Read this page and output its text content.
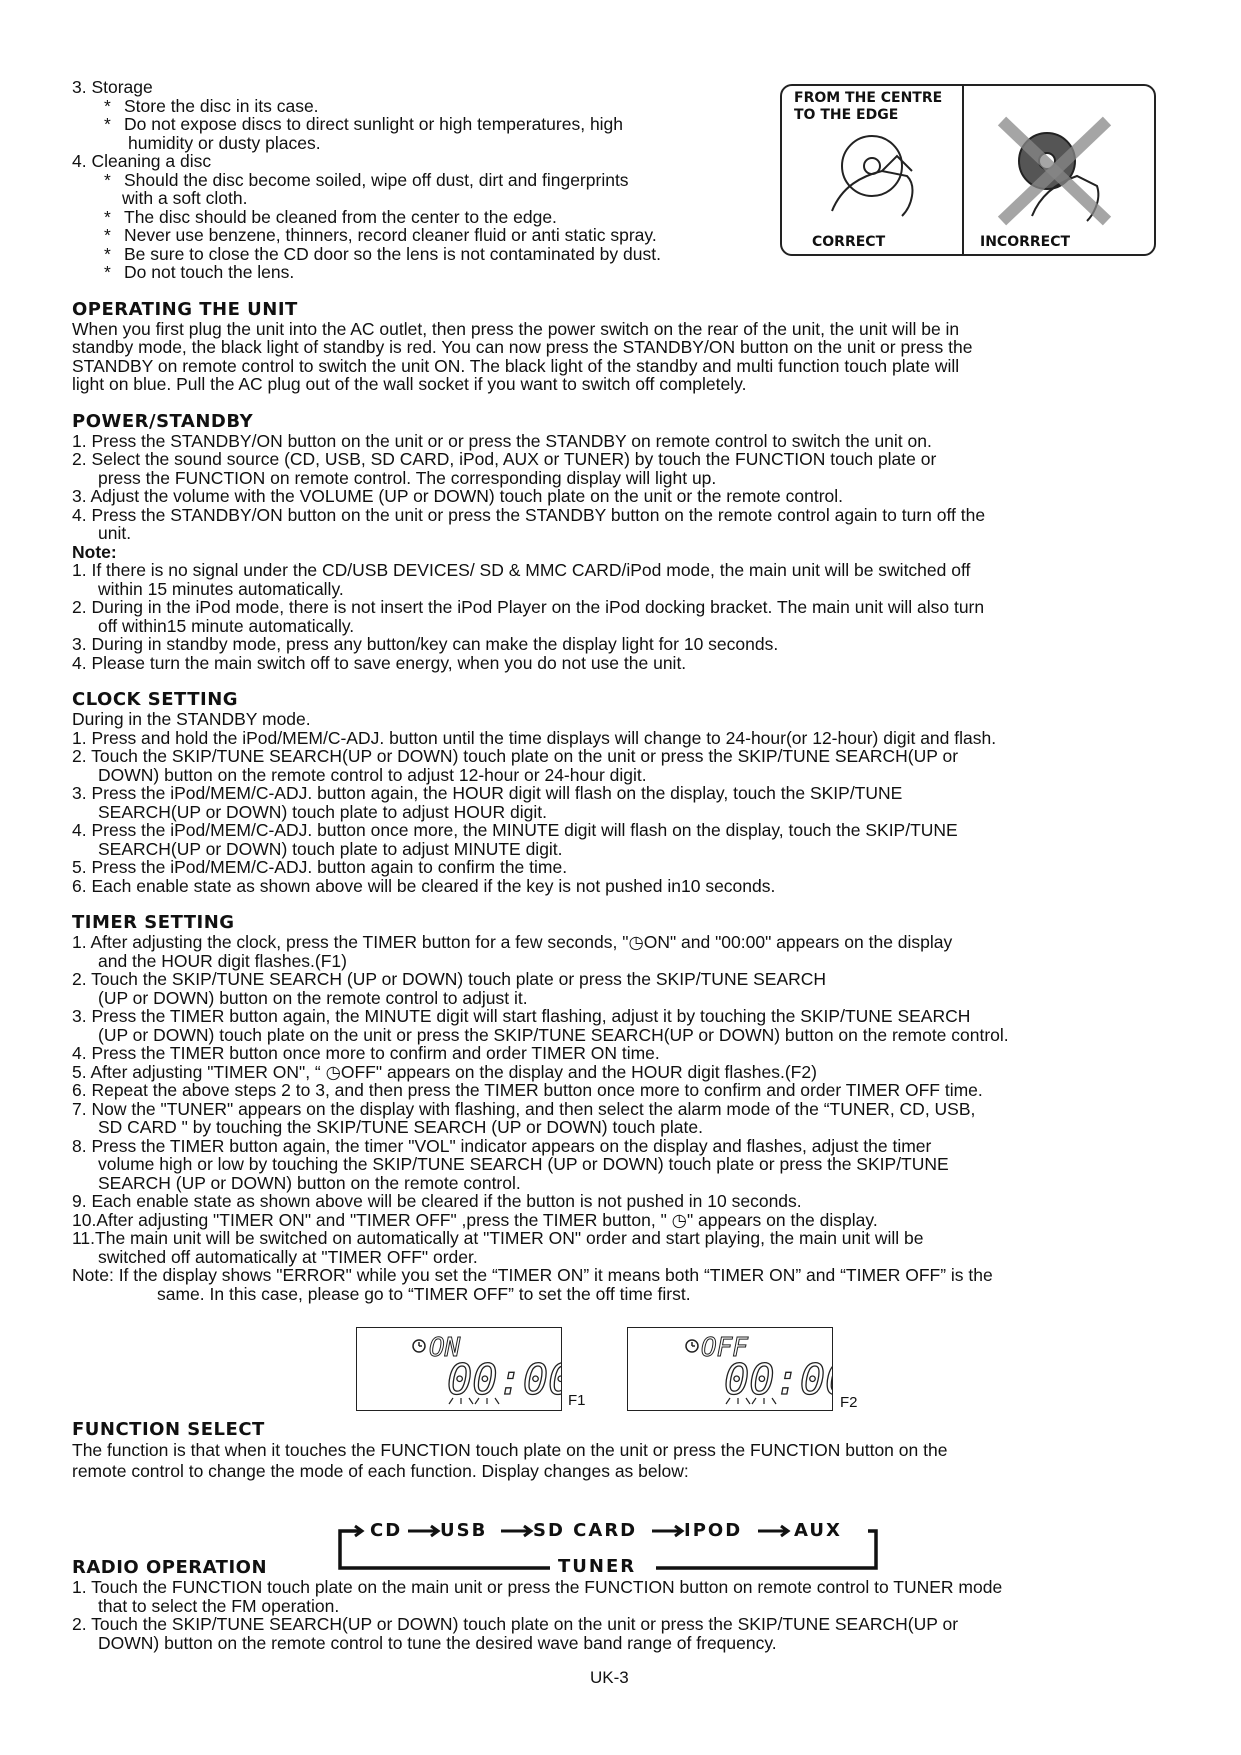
FROM THE CENTRE
TO THE EDGE
CORRECT	INCORRECT
3. Storage
* Store the disc in its case.
* Do not expose discs to direct sunlight or high temperatures, high
humidity or dusty places.
4. Cleaning a disc
* Should the disc become soiled, wipe off dust, dirt and fingerprints
with a soft cloth.
* The disc should be cleaned from the center to the edge.
* Never use benzene, thinners, record cleaner fluid or anti static spray.
* Be sure to close the CD door so the lens is not contaminated by dust.
* Do not touch the lens.
OPERATING THE UNIT
When you first plug the unit into the AC outlet, then press the power switch on the rear of the unit, the unit will be in
standby mode, the black light of standby is red. You can now press the STANDBY/ON button on the unit or press the
STANDBY on remote control to switch the unit ON. The black light of the standby and multi function touch plate will
light on blue. Pull the AC plug out of the wall socket if you want to switch off completely.
POWER/STANDBY
1. Press the STANDBY/ON button on the unit or or press the STANDBY on remote control to switch the unit on.
2. Select the sound source (CD, USB, SD CARD, iPod, AUX or TUNER) by touch the FUNCTION touch plate or
press the FUNCTION on remote control. The corresponding display will light up.
3. Adjust the volume with the VOLUME (UP or DOWN) touch plate on the unit or the remote control.
4. Press the STANDBY/ON button on the unit or press the STANDBY button on the remote control again to turn off the
unit.
Note:
1. If there is no signal under the CD/USB DEVICES/ SD & MMC CARD/iPod mode, the main unit will be switched off
within 15 minutes automatically.
2. During in the iPod mode, there is not insert the iPod Player on the iPod docking bracket. The main unit will also turn
off within15 minute automatically.
3. During in standby mode, press any button/key can make the display light for 10 seconds.
4. Please turn the main switch off to save energy, when you do not use the unit.
CLOCK SETTING
During in the STANDBY mode.
1. Press and hold the iPod/MEM/C-ADJ. button until the time displays will change to 24-hour(or 12-hour) digit and flash.
2. Touch the SKIP/TUNE SEARCH(UP or DOWN) touch plate on the unit or press the SKIP/TUNE SEARCH(UP or
DOWN) button on the remote control to adjust 12-hour or 24-hour digit.
3. Press the iPod/MEM/C-ADJ. button again, the HOUR digit will flash on the display, touch the SKIP/TUNE
SEARCH(UP or DOWN) touch plate to adjust HOUR digit.
4. Press the iPod/MEM/C-ADJ. button once more, the MINUTE digit will flash on the display, touch the SKIP/TUNE
SEARCH(UP or DOWN) touch plate to adjust MINUTE digit.
5. Press the iPod/MEM/C-ADJ. button again to confirm the time.
6. Each enable state as shown above will be cleared if the key is not pushed in10 seconds.
TIMER SETTING
1. After adjusting the clock, press the TIMER button for a few seconds, "◷ON" and "00:00" appears on the display
and the HOUR digit flashes.(F1)
2. Touch the SKIP/TUNE SEARCH (UP or DOWN) touch plate or press the SKIP/TUNE SEARCH
(UP or DOWN) button on the remote control to adjust it.
3. Press the TIMER button again, the MINUTE digit will start flashing, adjust it by touching the SKIP/TUNE SEARCH
(UP or DOWN) touch plate on the unit or press the SKIP/TUNE SEARCH(UP or DOWN) button on the remote control.
4. Press the TIMER button once more to confirm and order TIMER ON time.
5. After adjusting "TIMER ON", “ ◷OFF" appears on the display and the HOUR digit flashes.(F2)
6. Repeat the above steps 2 to 3, and then press the TIMER button once more to confirm and order TIMER OFF time.
7. Now the "TUNER" appears on the display with flashing, and then select the alarm mode of the “TUNER, CD, USB,
SD CARD " by touching the SKIP/TUNE SEARCH (UP or DOWN) touch plate.
8. Press the TIMER button again, the timer "VOL" indicator appears on the display and flashes, adjust the timer
volume high or low by touching the SKIP/TUNE SEARCH (UP or DOWN) touch plate or press the SKIP/TUNE
SEARCH (UP or DOWN) button on the remote control.
9. Each enable state as shown above will be cleared if the button is not pushed in 10 seconds.
10.After adjusting "TIMER ON" and "TIMER OFF" ,press the TIMER button, " ◷" appears on the display.
11.The main unit will be switched on automatically at "TIMER ON" order and start playing, the main unit will be
switched off automatically at "TIMER OFF" order.
Note: If the display shows "ERROR" while you set the “TIMER ON” it means both “TIMER ON” and “TIMER OFF” is the
same. In this case, please go to “TIMER OFF” to set the off time first.
ON
00:00
F1
OFF
00:0 F2
FUNCTION SELECT
The function is that when it touches the FUNCTION touch plate on the unit or press the FUNCTION button on the
remote control to change the mode of each function. Display changes as below:
CD USB	SD CARD	IPOD	AUX
TUNER
RADIO OPERATION
1. Touch the FUNCTION touch plate on the main unit or press the FUNCTION button on remote control to TUNER mode
that to select the FM operation.
2. Touch the SKIP/TUNE SEARCH(UP or DOWN) touch plate on the unit or press the SKIP/TUNE SEARCH(UP or
DOWN) button on the remote control to tune the desired wave band range of frequency.
UK-3
